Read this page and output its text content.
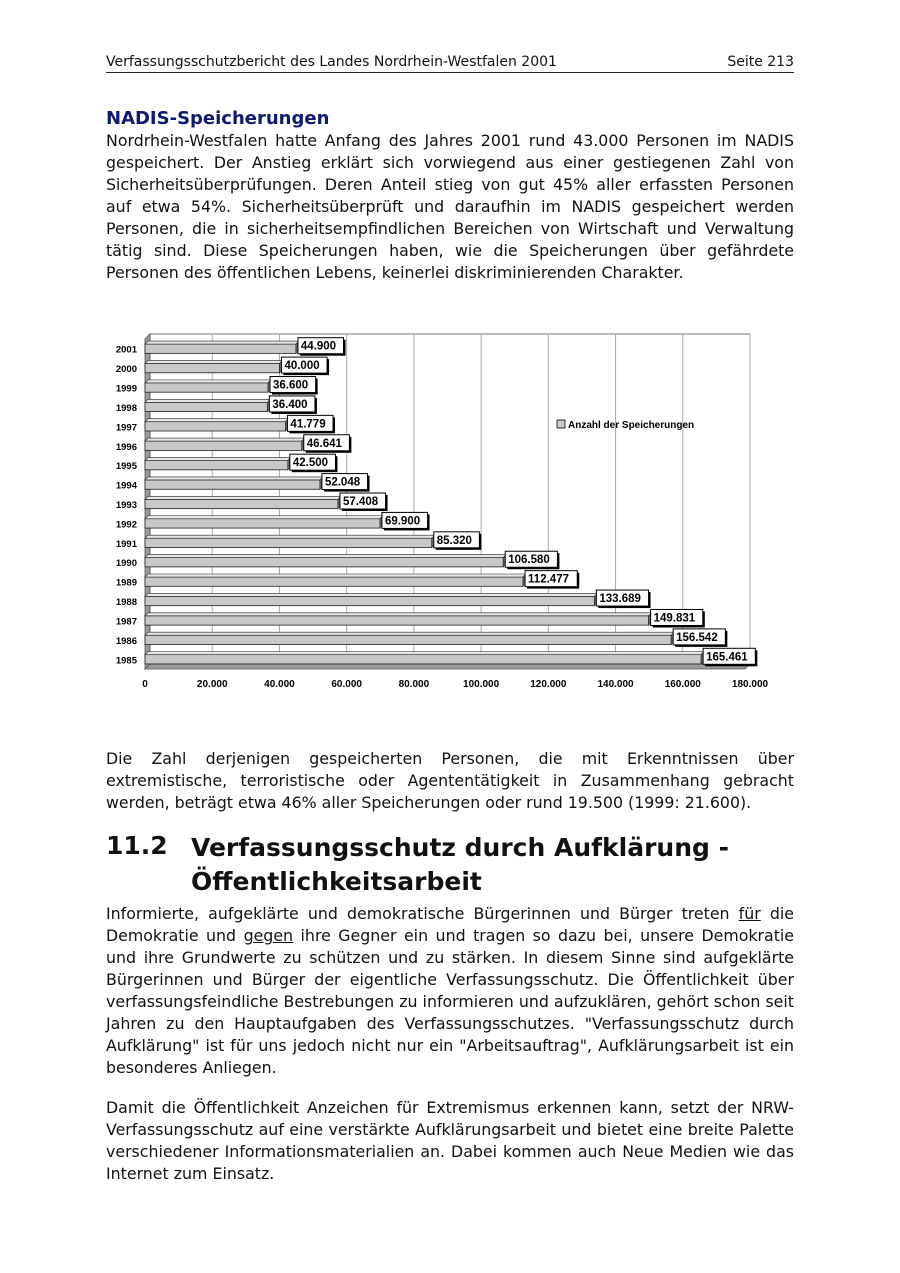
Verfassungsschutzbericht des Landes Nordrhein-Westfalen 2001	Seite 213
NADIS-Speicherungen

Nordrhein-Westfalen hatte Anfang des Jahres 2001 rund 43.000 Personen im NADIS gespeichert. Der Anstieg erklärt sich vorwiegend aus einer gestiegenen Zahl von Sicherheitsüberprüfungen. Deren Anteil stieg von gut 45% aller erfassten Personen auf etwa 54%. Sicherheitsüberprüft und daraufhin im NADIS gespeichert werden Personen, die in sicherheitsempfindlichen Bereichen von Wirtschaft und Verwaltung tätig sind. Diese Speicherungen haben, wie die Speicherungen über gefährdete Personen des öffentlichen Lebens, keinerlei diskriminierenden Charakter.

0	20.000	40.000	60.000	80.000	100.000	120.000	140.000	160.000	180.000
2001	44.900
2000	40.000
1999	36.600
1998	36.400
1997	41.779
1996	46.641
1995	42.500
1994	52.048
1993	57.408
1992	69.900
1991	85.320
1990	106.580
1989	112.477
1988	133.689
1987	149.831
1986	156.542
1985	165.461
Anzahl der Speicherungen

Die Zahl derjenigen gespeicherten Personen, die mit Erkenntnissen über extremistische, terroristische oder Agententätigkeit in Zusammenhang gebracht werden, beträgt etwa 46% aller Speicherungen oder rund 19.500 (1999: 21.600).

11.2 Verfassungsschutz durch Aufklärung -
Öffentlichkeitsarbeit

Informierte, aufgeklärte und demokratische Bürgerinnen und Bürger treten für die Demokratie und gegen ihre Gegner ein und tragen so dazu bei, unsere Demokratie und ihre Grundwerte zu schützen und zu stärken. In diesem Sinne sind aufgeklärte Bürgerinnen und Bürger der eigentliche Verfassungsschutz. Die Öffentlichkeit über verfassungsfeindliche Bestrebungen zu informieren und aufzuklären, gehört schon seit Jahren zu den Hauptaufgaben des Verfassungsschutzes. "Verfassungsschutz durch Aufklärung" ist für uns jedoch nicht nur ein "Arbeitsauftrag", Aufklärungsarbeit ist ein besonderes Anliegen.

Damit die Öffentlichkeit Anzeichen für Extremismus erkennen kann, setzt der NRW-Verfassungsschutz auf eine verstärkte Aufklärungsarbeit und bietet eine breite Palette verschiedener Informationsmaterialien an. Dabei kommen auch Neue Medien wie das Internet zum Einsatz.
